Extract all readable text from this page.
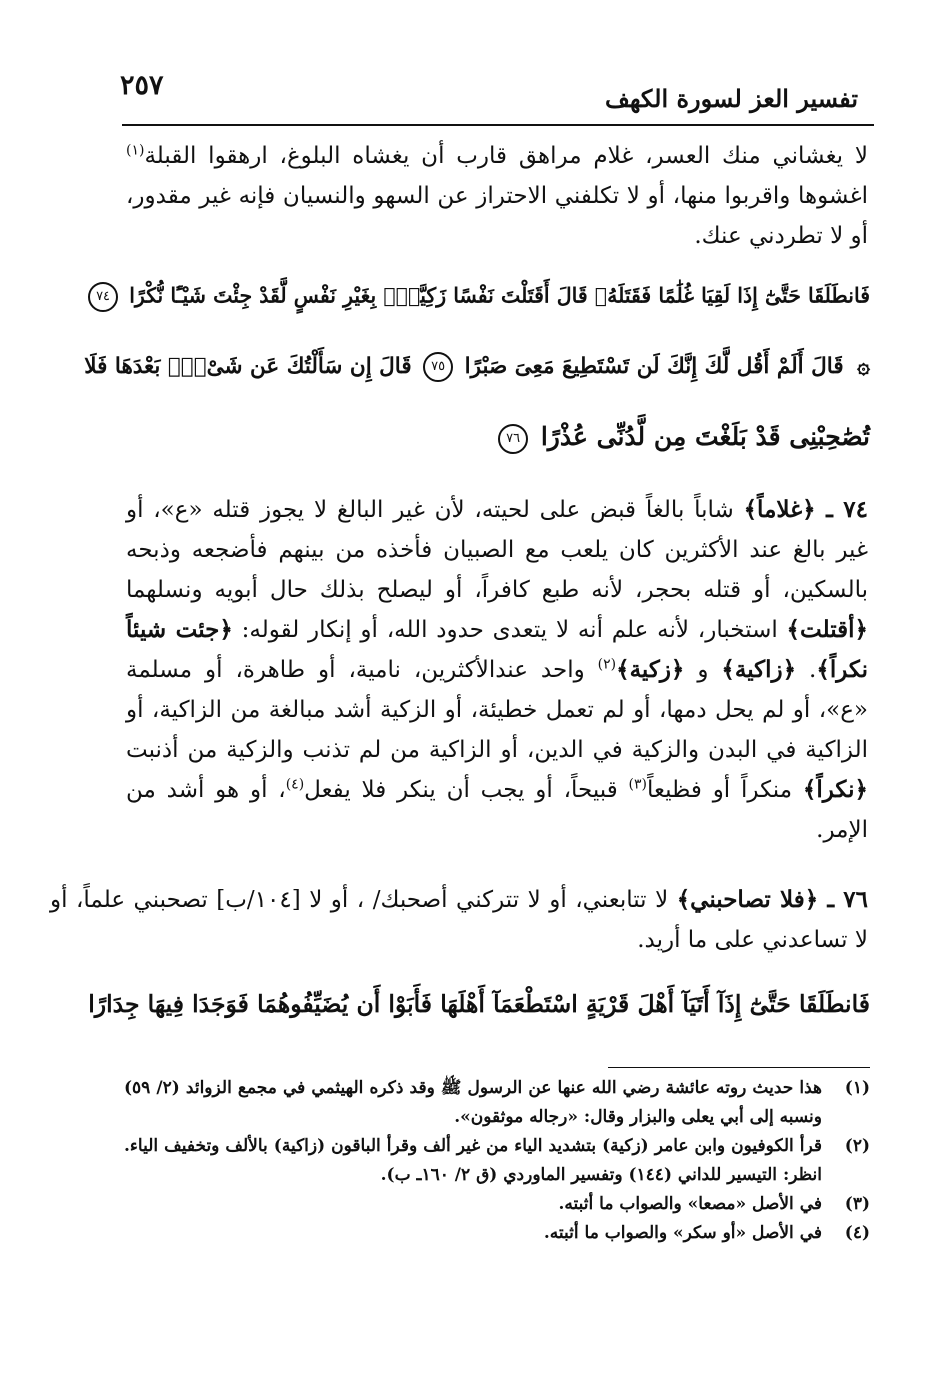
٢٥٧	تفسير العز لسورة الكهف

لا يغشاني منك العسر، غلام مراهق قارب أن يغشاه البلوغ، ارهقوا القبلة$^{(١)}$ اغشوها واقربوا منها، أو لا تكلفني الاحتراز عن السهو والنسيان فإنه غير مقدور، أو لا تطردني عنك.

فَانطَلَقَا حَتَّىٰٓ إِذَا لَقِيَا غُلَٰمًا فَقَتَلَهُۥ قَالَ أَقَتَلْتَ نَفْسًا زَكِيَّةًۢ بِغَيْرِ نَفْسٍ لَّقَدْ جِئْتَ شَيْـًٔا نُّكْرًا ٧٤
۞ قَالَ أَلَمْ أَقُل لَّكَ إِنَّكَ لَن تَسْتَطِيعَ مَعِىَ صَبْرًا ٧٥ قَالَ إِن سَأَلْتُكَ عَن شَىْءٍۭ بَعْدَهَا فَلَا
تُصَٰحِبْنِى قَدْ بَلَغْتَ مِن لَّدُنِّى عُذْرًا ٧٦

٧٤ ـ ﴿غلاماً﴾ شاباً بالغاً قبض على لحيته، لأن غير البالغ لا يجوز قتله «ع»، أو غير بالغ عند الأكثرين كان يلعب مع الصبيان فأخذه من بينهم فأضجعه وذبحه بالسكين، أو قتله بحجر، لأنه طبع كافراً، أو ليصلح بذلك حال أبويه ونسلهما ﴿أقتلت﴾ استخبار، لأنه علم أنه لا يتعدى حدود الله، أو إنكار لقوله: ﴿جئت شيئاً نكراً﴾. ﴿زاكية﴾ و ﴿زكية﴾$^{(٢)}$ واحد عندالأكثرين، نامية، أو طاهرة، أو مسلمة «ع»، أو لم يحل دمها، أو لم تعمل خطيئة، أو الزكية أشد مبالغة من الزاكية، أو الزاكية في البدن والزكية في الدين، أو الزاكية من لم تذنب والزكية من أذنبت ﴿نكراً﴾ منكراً أو فظيعاً$^{(٣)}$ قبيحاً، أو يجب أن ينكر فلا يفعل$^{(٤)}$، أو هو أشد من الإمر.

٧٦ ـ ﴿فلا تصاحبني﴾ لا تتابعني، أو لا تتركني أصحبك/ ، أو لا [١٠٤/ب] تصحبني علماً، أو لا تساعدني على ما أريد.

فَانطَلَقَا حَتَّىٰٓ إِذَآ أَتَيَآ أَهْلَ قَرْيَةٍ اسْتَطْعَمَآ أَهْلَهَا فَأَبَوْا أَن يُضَيِّفُوهُمَا فَوَجَدَا فِيهَا جِدَارًا

(١)
هذا حديث روته عائشة رضي الله عنها عن الرسول ﷺ وقد ذكره الهيثمي في مجمع الزوائد (٢/ ٥٩) ونسبه إلى أبي يعلى والبزار وقال: «رجاله موثقون».

(٢)
قرأ الكوفيون وابن عامر (زكية) بتشديد الياء من غير ألف وقرأ الباقون (زاكية) بالألف وتخفيف الياء. انظر: التيسير للداني (١٤٤) وتفسير الماوردي (ق ٢/ ١٦٠ـ ب).

(٣)
في الأصل «مصعا» والصواب ما أثبته.

(٤)
في الأصل «أو سكر» والصواب ما أثبته.
